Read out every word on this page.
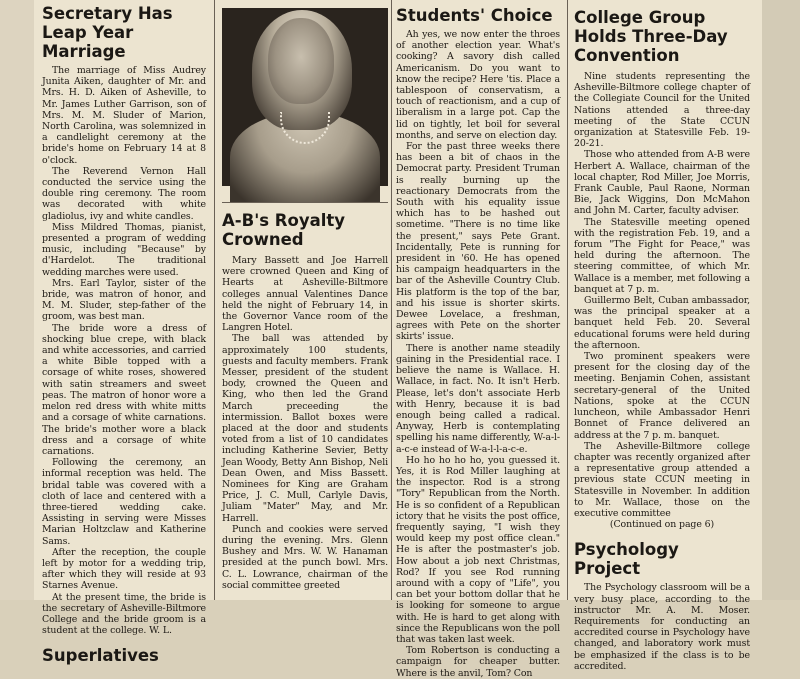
Secretary Has Leap Year Marriage

The marriage of Miss Audrey Junita Aiken, daughter of Mr. and Mrs. H. D. Aiken of Asheville, to Mr. James Luther Garrison, son of Mrs. M. M. Sluder of Marion, North Carolina, was solemnized in a candlelight ceremony at the bride's home on February 14 at 8 o'clock.

The Reverend Vernon Hall conducted the service using the double ring ceremony. The room was decorated with white gladiolus, ivy and white candles.

Miss Mildred Thomas, pianist, presented a program of wedding music, including "Because" by d'Hardelot. The traditional wedding marches were used.

Mrs. Earl Taylor, sister of the bride, was matron of honor, and M. M. Sluder, step-father of the groom, was best man.

The bride wore a dress of shocking blue crepe, with black and white accessories, and carried a white Bible topped with a corsage of white roses, showered with satin streamers and sweet peas. The matron of honor wore a melon red dress with white mitts and a corsage of white carnations. The bride's mother wore a black dress and a corsage of white carnations.

Following the ceremony, an informal reception was held. The bridal table was covered with a cloth of lace and centered with a three-tiered wedding cake. Assisting in serving were Misses Marian Holtzclaw and Katherine Sams.

After the reception, the couple left by motor for a wedding trip, after which they will reside at 93 Starnes Avenue.

At the present time, the bride is the secretary of Asheville-Biltmore College and the bride groom is a student at the college. W. L.

Superlatives
A-B's Royalty Crowned

Mary Bassett and Joe Harrell were crowned Queen and King of Hearts at Asheville-Biltmore colleges annual Valentines Dance held the night of February 14, in the Governor Vance room of the Langren Hotel.

The ball was attended by approximately 100 students, guests and faculty members. Frank Messer, president of the student body, crowned the Queen and King, who then led the Grand March preceeding the intermission. Ballot boxes were placed at the door and students voted from a list of 10 candidates including Katherine Sevier, Betty Jean Woody, Betty Ann Bishop, Neli Dean Owen, and Miss Bassett. Nominees for King are Graham Price, J. C. Mull, Carlyle Davis, Juliam "Mater" May, and Mr. Harrell.

Punch and cookies were served during the evening. Mrs. Glenn Bushey and Mrs. W. W. Hanaman presided at the punch bowl. Mrs. C. L. Lowrance, chairman of the social committee greeted

Students' Choice

Ah yes, we now enter the throes of another election year. What's cooking? A savory dish called Americanism. Do you want to know the recipe? Here 'tis. Place a tablespoon of conservatism, a touch of reactionism, and a cup of liberalism in a large pot. Cap the lid on tightly, let boil for several months, and serve on election day.

For the past three weeks there has been a bit of chaos in the Democrat party. President Truman is really burning up the reactionary Democrats from the South with his equality issue which has to be hashed out sometime. "There is no time like the present," says Pete Grant. Incidentally, Pete is running for president in '60. He has opened his campaign headquarters in the bar of the Asheville Country Club. His platform is the top of the bar, and his issue is shorter skirts. Dewee Lovelace, a freshman, agrees with Pete on the shorter skirts' issue.

There is another name steadily gaining in the Presidential race. I believe the name is Wallace. H. Wallace, in fact. No. It isn't Herb. Please, let's don't associate Herb with Henry, because it is bad enough being called a radical. Anyway, Herb is contemplating spelling his name differently, W-a-l-a-c-e instead of W-a-l-l-a-c-e.

Ho ho ho ho ho, you guessed it. Yes, it is Rod Miller laughing at the inspector. Rod is a strong "Tory" Republican from the North. He is so confident of a Republican ictory that he visits the post office, frequently saying, "I wish they would keep my post office clean." He is after the postmaster's job. How about a job next Christmas, Rod? If you see Rod running around with a copy of "Life", you can bet your bottom dollar that he is looking for someone to argue with. He is hard to get along with since the Republicans won the poll that was taken last week.

Tom Robertson is conducting a campaign for cheaper butter. Where is the anvil, Tom? Con

College Group Holds Three-Day Convention

Nine students representing the Asheville-Biltmore college chapter of the Collegiate Council for the United Nations attended a three-day meeting of the State CCUN organization at Statesville Feb. 19-20-21.

Those who attended from A-B were Herbert A. Wallace, chairman of the local chapter, Rod Miller, Joe Morris, Frank Cauble, Paul Raone, Norman Bie, Jack Wiggins, Don McMahon and John M. Carter, faculty adviser.

The Statesville meeting opened with the registration Feb. 19, and a forum "The Fight for Peace," was held during the afternoon. The steering committee, of which Mr. Wallace is a member, met following a banquet at 7 p. m.

Guillermo Belt, Cuban ambassador, was the principal speaker at a banquet held Feb. 20. Several educational forums were held during the afternoon.

Two prominent speakers were present for the closing day of the meeting. Benjamin Cohen, assistant secretary-general of the United Nations, spoke at the CCUN luncheon, while Ambassador Henri Bonnet of France delivered an address at the 7 p. m. banquet.

The Asheville-Biltmore college chapter was recently organized after a representative group attended a previous state CCUN meeting in Statesville in November. In addition to Mr. Wallace, those on the executive committee

(Continued on page 6)

Psychology Project

The Psychology classroom will be a very busy place, according to the instructor Mr. A. M. Moser. Requirements for conducting an accredited course in Psychology have changed, and laboratory work must be emphasized if the class is to be accredited.
